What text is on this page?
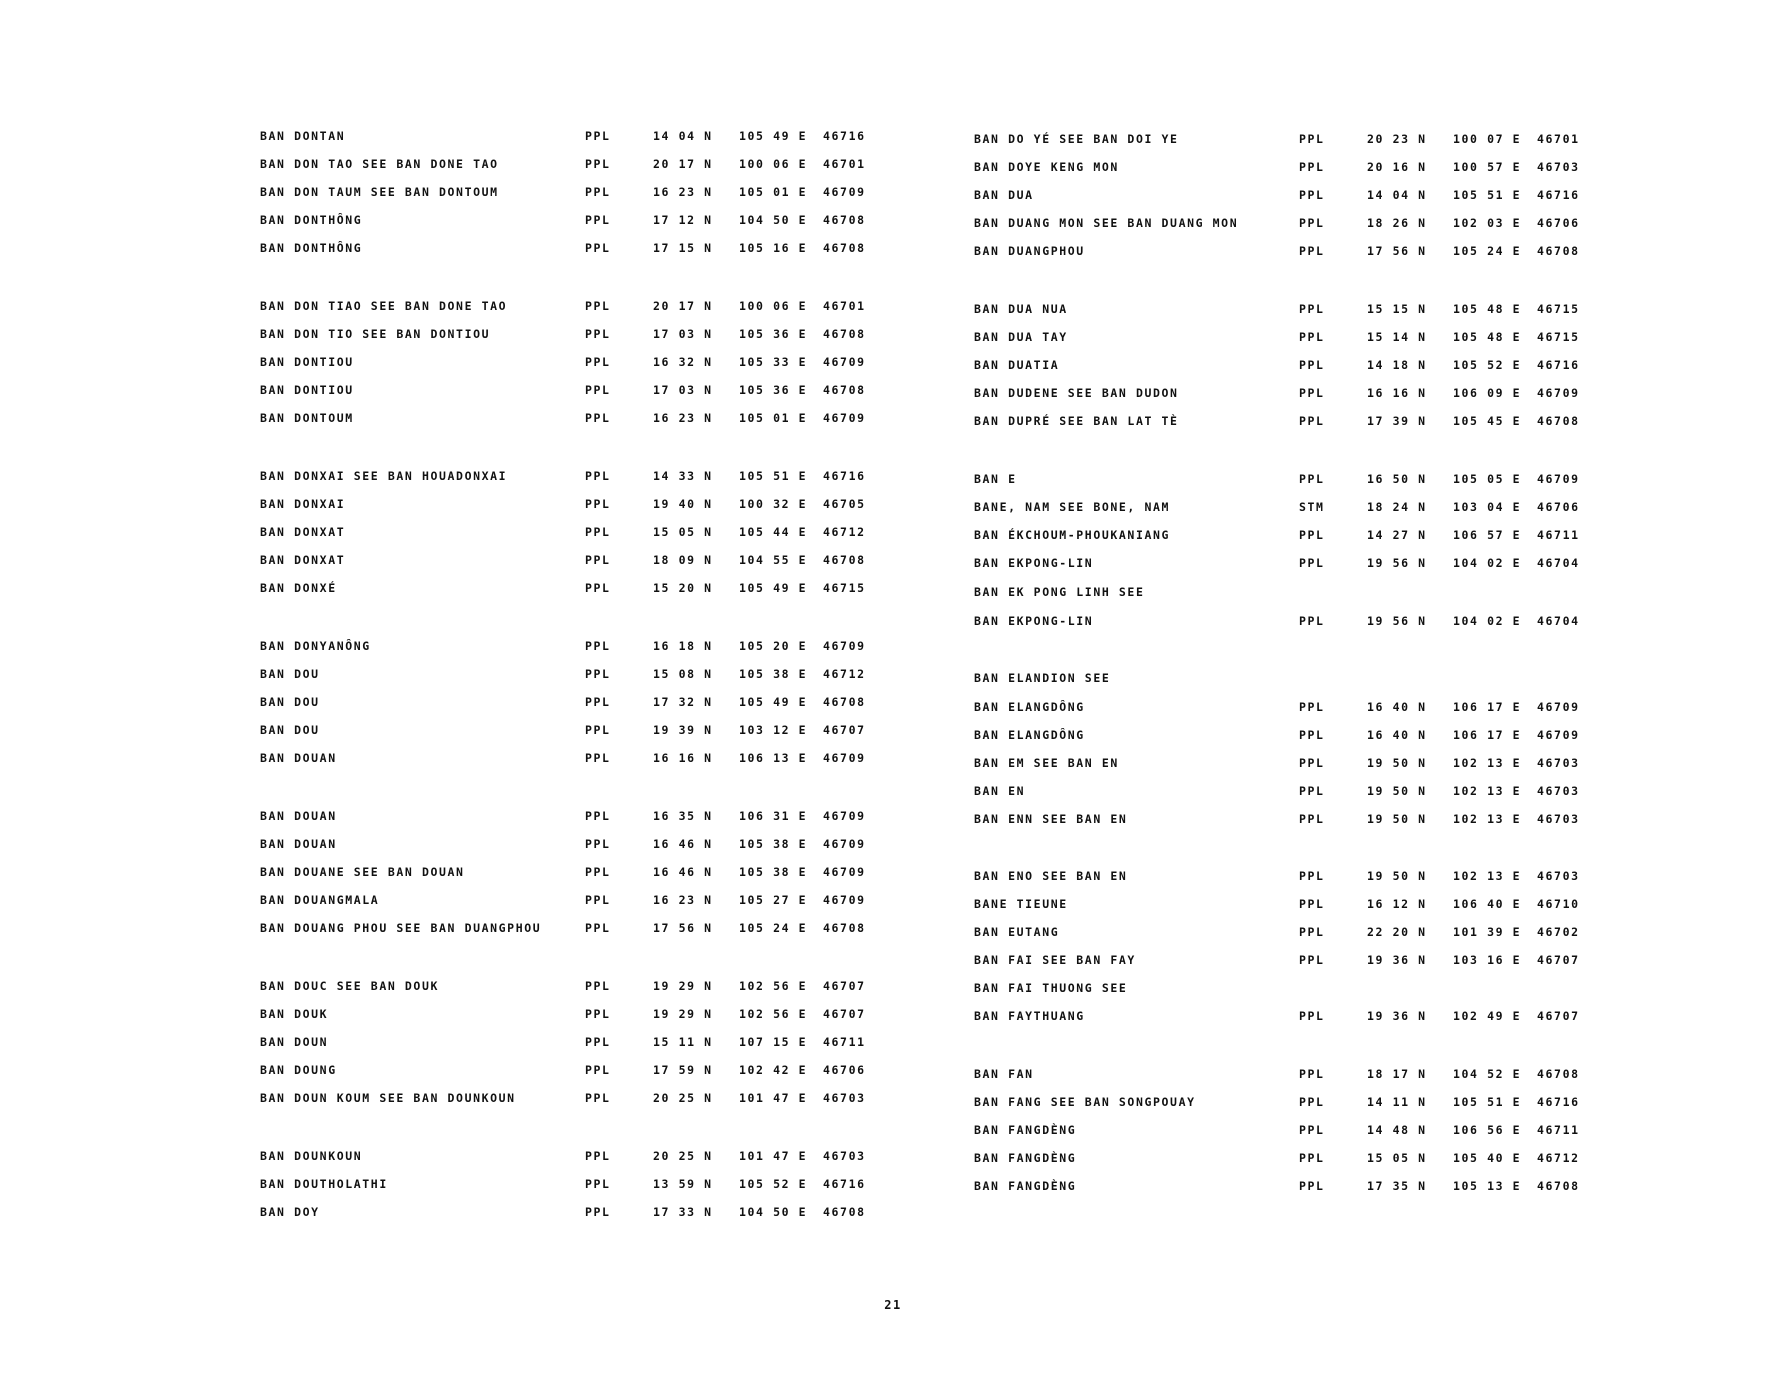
BAN DONTAN	PPL	14 04 N 105 49 E 46716
BAN DON TAO SEE BAN DONE TAO	PPL	20 17 N 100 06 E 46701
BAN DON TAUM SEE BAN DONTOUM	PPL	16 23 N 105 01 E 46709
BAN DONTHÔNG	PPL	17 12 N 104 50 E 46708
BAN DONTHÔNG	PPL	17 15 N 105 16 E 46708
BAN DON TIAO SEE BAN DONE TAO	PPL	20 17 N 100 06 E 46701
BAN DON TIO SEE BAN DONTIOU	PPL	17 03 N 105 36 E 46708
BAN DONTIOU	PPL	16 32 N 105 33 E 46709
BAN DONTIOU	PPL	17 03 N 105 36 E 46708
BAN DONTOUM	PPL	16 23 N 105 01 E 46709
BAN DONXAI SEE BAN HOUADONXAI	PPL	14 33 N 105 51 E 46716
BAN DONXAI	PPL	19 40 N 100 32 E 46705
BAN DONXAT	PPL	15 05 N 105 44 E 46712
BAN DONXAT	PPL	18 09 N 104 55 E 46708
BAN DONXÉ	PPL	15 20 N 105 49 E 46715
BAN DONYANÔNG	PPL	16 18 N 105 20 E 46709
BAN DOU	PPL	15 08 N 105 38 E 46712
BAN DOU	PPL	17 32 N 105 49 E 46708
BAN DOU	PPL	19 39 N 103 12 E 46707
BAN DOUAN	PPL	16 16 N 106 13 E 46709
BAN DOUAN	PPL	16 35 N 106 31 E 46709
BAN DOUAN	PPL	16 46 N 105 38 E 46709
BAN DOUANE SEE BAN DOUAN	PPL	16 46 N 105 38 E 46709
BAN DOUANGMALA	PPL	16 23 N 105 27 E 46709
BAN DOUANG PHOU SEE BAN DUANGPHOU	PPL	17 56 N 105 24 E 46708
BAN DOUC SEE BAN DOUK	PPL	19 29 N 102 56 E 46707
BAN DOUK	PPL	19 29 N 102 56 E 46707
BAN DOUN	PPL	15 11 N 107 15 E 46711
BAN DOUNG	PPL	17 59 N 102 42 E 46706
BAN DOUN KOUM SEE BAN DOUNKOUN	PPL	20 25 N 101 47 E 46703
BAN DOUNKOUN	PPL	20 25 N 101 47 E 46703
BAN DOUTHOLATHI	PPL	13 59 N 105 52 E 46716
BAN DOY	PPL	17 33 N 104 50 E 46708
BAN DO YÉ SEE BAN DOI YE	PPL	20 23 N 100 07 E 46701
BAN DOYE KENG MON	PPL	20 16 N 100 57 E 46703
BAN DUA	PPL	14 04 N 105 51 E 46716
BAN DUANG MON SEE BAN DUANG MON	PPL	18 26 N 102 03 E 46706
BAN DUANGPHOU	PPL	17 56 N 105 24 E 46708
BAN DUA NUA	PPL	15 15 N 105 48 E 46715
BAN DUA TAY	PPL	15 14 N 105 48 E 46715
BAN DUATIA	PPL	14 18 N 105 52 E 46716
BAN DUDENE SEE BAN DUDON	PPL	16 16 N 106 09 E 46709
BAN DUPRÉ SEE BAN LAT TÈ	PPL	17 39 N 105 45 E 46708
BAN E	PPL	16 50 N 105 05 E 46709
BANE, NAM SEE BONE, NAM	STM	18 24 N 103 04 E 46706
BAN ÉKCHOUM-PHOUKANIANG	PPL	14 27 N 106 57 E 46711
BAN EKPONG-LIN	PPL	19 56 N 104 02 E 46704
BAN EK PONG LINH SEE
BAN EKPONG-LIN	PPL	19 56 N 104 02 E 46704
BAN ELANDION SEE
BAN ELANGDÔNG	PPL	16 40 N 106 17 E 46709
BAN ELANGDÔNG	PPL	16 40 N 106 17 E 46709
BAN EM SEE BAN EN	PPL	19 50 N 102 13 E 46703
BAN EN	PPL	19 50 N 102 13 E 46703
BAN ENN SEE BAN EN	PPL	19 50 N 102 13 E 46703
BAN ENO SEE BAN EN	PPL	19 50 N 102 13 E 46703
BANE TIEUNE	PPL	16 12 N 106 40 E 46710
BAN EUTANG	PPL	22 20 N 101 39 E 46702
BAN FAI SEE BAN FAY	PPL	19 36 N 103 16 E 46707
BAN FAI THUONG SEE
BAN FAYTHUANG	PPL	19 36 N 102 49 E 46707
BAN FAN	PPL	18 17 N 104 52 E 46708
BAN FANG SEE BAN SONGPOUAY	PPL	14 11 N 105 51 E 46716
BAN FANGDÈNG	PPL	14 48 N 106 56 E 46711
BAN FANGDÈNG	PPL	15 05 N 105 40 E 46712
BAN FANGDÈNG	PPL	17 35 N 105 13 E 46708
21
